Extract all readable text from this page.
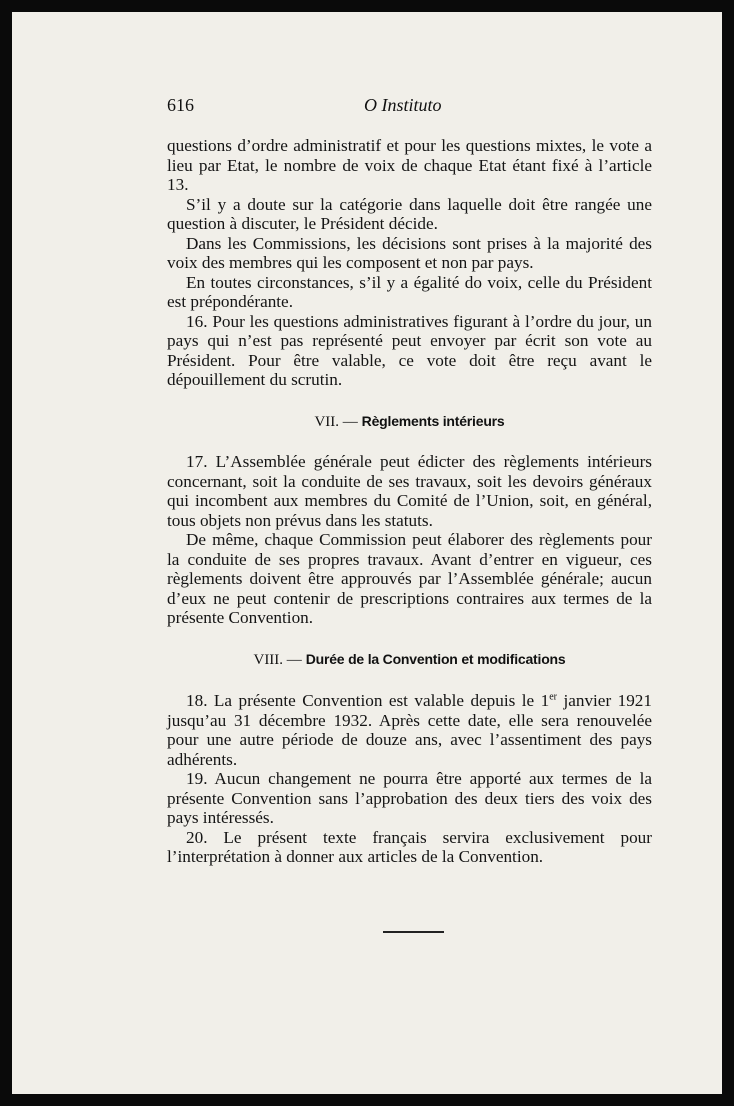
616	O Instituto

questions d’ordre administratif et pour les questions mixtes, le vote a lieu par Etat, le nombre de voix de chaque Etat étant fixé à l’article 13.

S’il y a doute sur la catégorie dans laquelle doit être rangée une question à discuter, le Président décide.

Dans les Commissions, les décisions sont prises à la majorité des voix des membres qui les composent et non par pays.

En toutes circonstances, s’il y a égalité do voix, celle du Président est prépondérante.

16. Pour les questions administratives figurant à l’ordre du jour, un pays qui n’est pas représenté peut envoyer par écrit son vote au Président. Pour être valable, ce vote doit être reçu avant le dépouillement du scrutin.

VII. — Règlements intérieurs

17. L’Assemblée générale peut édicter des règlements intérieurs concernant, soit la conduite de ses travaux, soit les devoirs généraux qui incombent aux membres du Comité de l’Union, soit, en général, tous objets non prévus dans les statuts.

De même, chaque Commission peut élaborer des règlements pour la conduite de ses propres travaux. Avant d’entrer en vigueur, ces règlements doivent être approuvés par l’Assemblée générale; aucun d’eux ne peut contenir de prescriptions contraires aux termes de la présente Convention.

VIII. — Durée de la Convention et modifications

18. La présente Convention est valable depuis le 1er janvier 1921 jusqu’au 31 décembre 1932. Après cette date, elle sera renouvelée pour une autre période de douze ans, avec l’assentiment des pays adhérents.

19. Aucun changement ne pourra être apporté aux termes de la présente Convention sans l’approbation des deux tiers des voix des pays intéressés.

20. Le présent texte français servira exclusivement pour l’interprétation à donner aux articles de la Convention.
